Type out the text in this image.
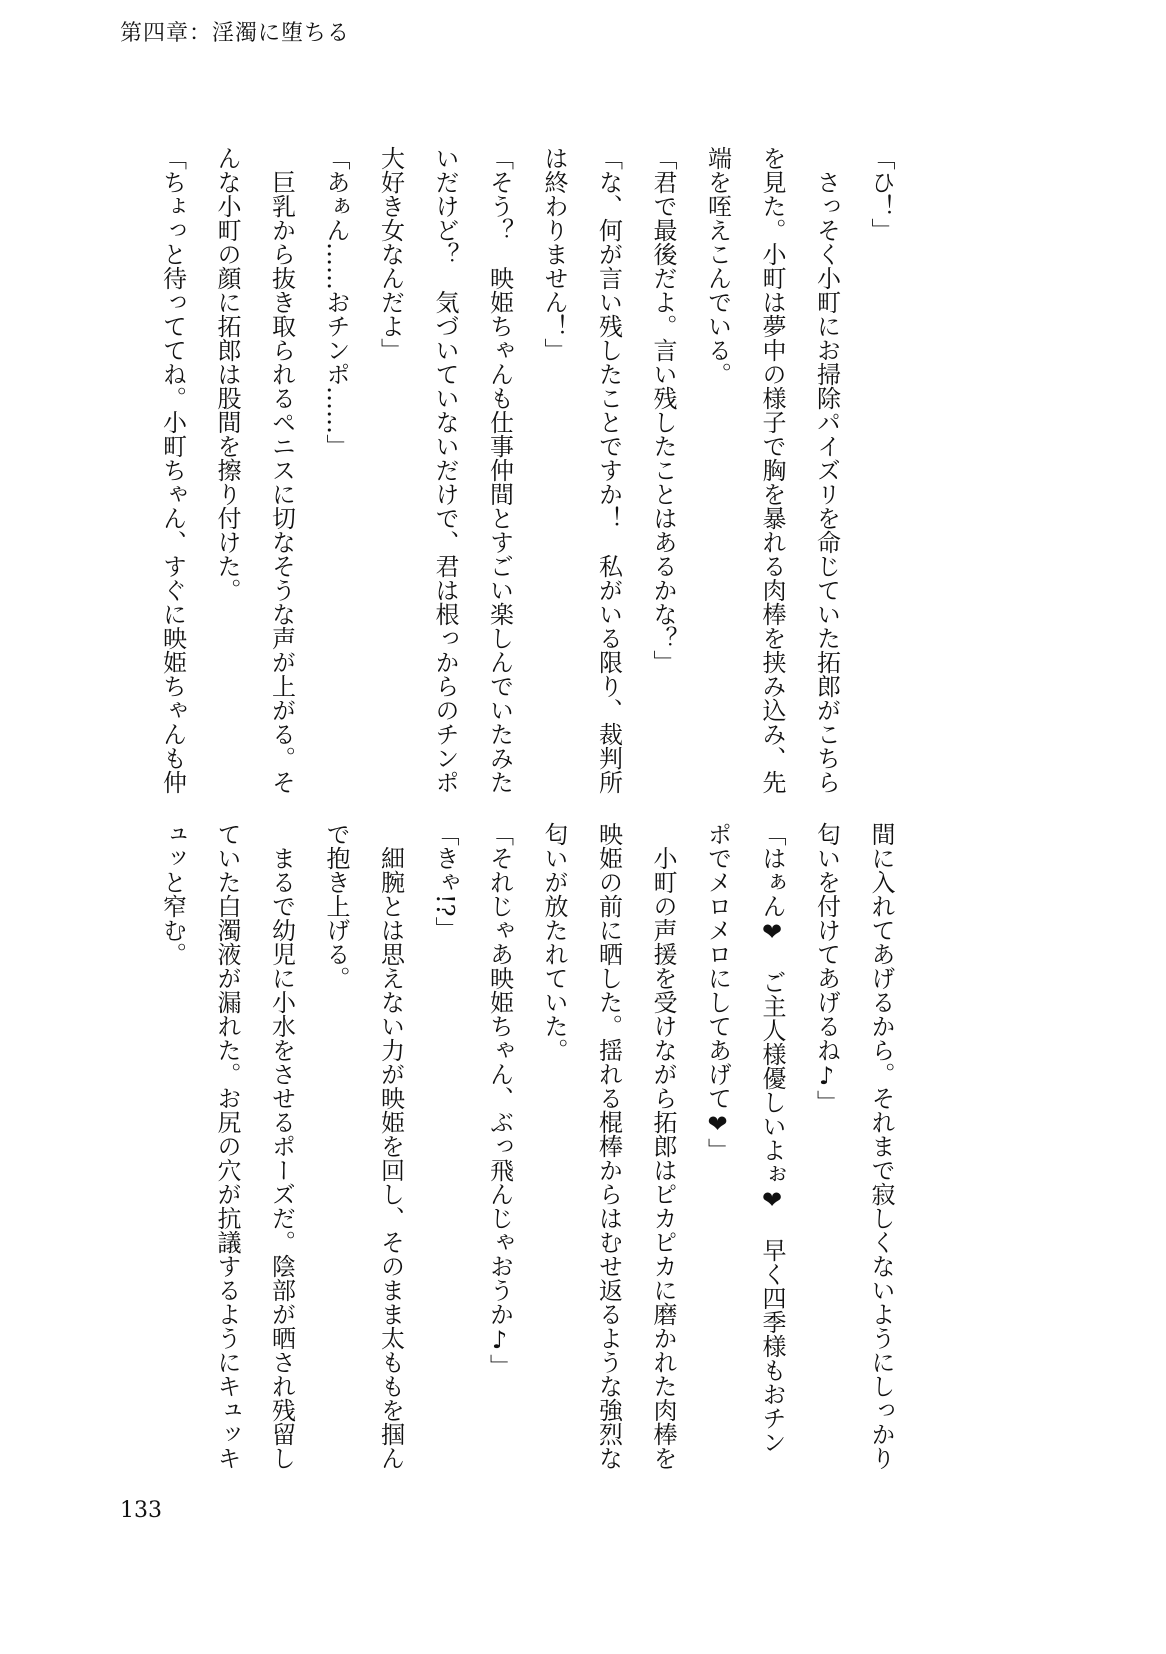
第四章：淫濁に堕ちる
「ひ！」
　さっそく小町にお掃除パイズリを命じていた拓郎がこちら
を見た。小町は夢中の様子で胸を暴れる肉棒を挟み込み、先
端を咥えこんでいる。
「君で最後だよ。言い残したことはあるかな？」
「な、何が言い残したことですか！　私がいる限り、裁判所
は終わりません！」
「そう？　映姫ちゃんも仕事仲間とすごい楽しんでいたみた
いだけど？　気づいていないだけで、君は根っからのチンポ
大好き女なんだよ」
「あぁん……おチンポ……」
　巨乳から抜き取られるペニスに切なそうな声が上がる。そ
んな小町の顔に拓郎は股間を擦り付けた。
「ちょっと待っててね。小町ちゃん、すぐに映姫ちゃんも仲
間に入れてあげるから。それまで寂しくないようにしっかり
匂いを付けてあげるね♪」
「はぁん❤　ご主人様優しいよぉ❤　早く四季様もおチン
ポでメロメロにしてあげて❤」
　小町の声援を受けながら拓郎はピカピカに磨かれた肉棒を
映姫の前に晒した。揺れる棍棒からはむせ返るような強烈な
匂いが放たれていた。
「それじゃあ映姫ちゃん、ぶっ飛んじゃおうか♪」
「きゃ!?」
　細腕とは思えない力が映姫を回し、そのまま太ももを掴ん
で抱き上げる。
　まるで幼児に小水をさせるポーズだ。陰部が晒され残留し
ていた白濁液が漏れた。お尻の穴が抗議するようにキュッキ
ュッと窄む。
133
